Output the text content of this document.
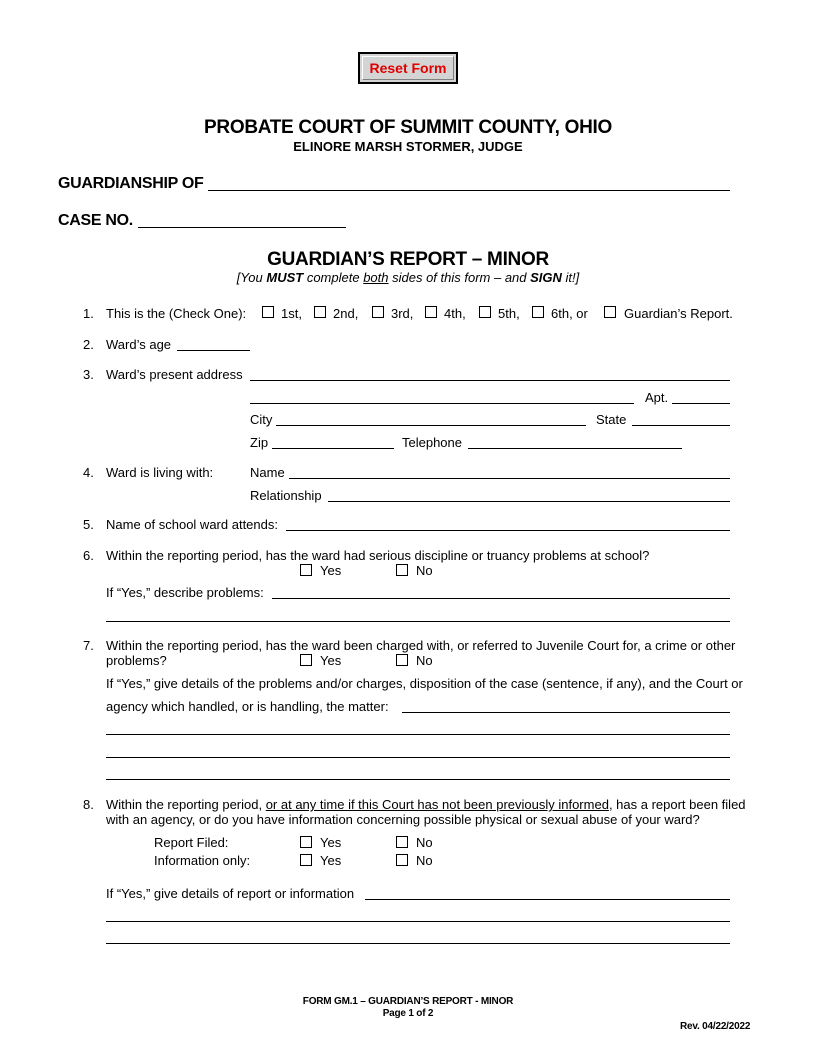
Reset Form
PROBATE COURT OF SUMMIT COUNTY, OHIO
ELINORE MARSH STORMER, JUDGE
GUARDIANSHIP OF
CASE NO.
GUARDIAN’S REPORT – MINOR
[You MUST complete both sides of this form – and SIGN it!]
1. This is the (Check One):	1st, 2nd,	3rd, 4th, 5th, 6th, or	Guardian’s Report.
2. Ward’s age
3. Ward’s present address
Apt.
City	State
Zip	Telephone
4. Ward is living with:	Name
Relationship
5. Name of school ward attends:
6. Within the reporting period, has the ward had serious discipline or truancy problems at school?
Yes	No
If “Yes,” describe problems:
7. Within the reporting period, has the ward been charged with, or referred to Juvenile Court for, a crime or other
problems?	Yes	No
If “Yes,” give details of the problems and/or charges, disposition of the case (sentence, if any), and the Court or
agency which handled, or is handling, the matter:
8. Within the reporting period, or at any time if this Court has not been previously informed, has a report been filed
with an agency, or do you have information concerning possible physical or sexual abuse of your ward?
Report Filed:	Yes	No
Information only:	Yes	No
If “Yes,” give details of report or information
FORM GM.1 – GUARDIAN’S REPORT - MINOR
Page 1 of 2
Rev. 04/22/2022
